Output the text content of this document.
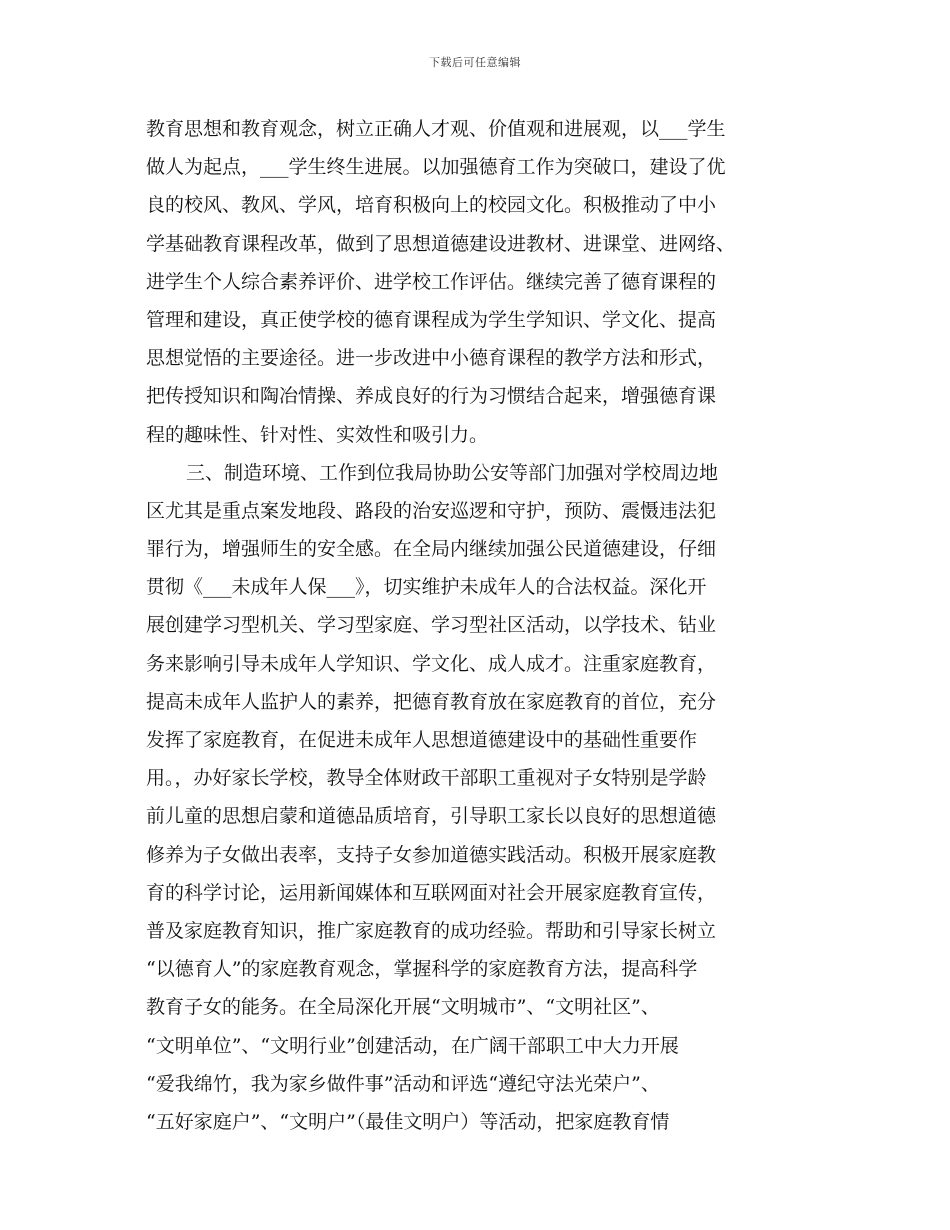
下载后可任意编辑
教育思想和教育观念，树立正确人才观、价值观和进展观，以___学生
做人为起点，___学生终生进展。以加强德育工作为突破口，建设了优
良的校风、教风、学风，培育积极向上的校园文化。积极推动了中小
学基础教育课程改革，做到了思想道德建设进教材、进课堂、进网络、
进学生个人综合素养评价、进学校工作评估。继续完善了德育课程的
管理和建设，真正使学校的德育课程成为学生学知识、学文化、提高
思想觉悟的主要途径。进一步改进中小德育课程的教学方法和形式，
把传授知识和陶冶情操、养成良好的行为习惯结合起来，增强德育课
程的趣味性、针对性、实效性和吸引力。
三、制造环境、工作到位我局协助公安等部门加强对学校周边地
区尤其是重点案发地段、路段的治安巡逻和守护，预防、震慑违法犯
罪行为，增强师生的安全感。在全局内继续加强公民道德建设，仔细
贯彻《___未成年人保___》，切实维护未成年人的合法权益。深化开
展创建学习型机关、学习型家庭、学习型社区活动，以学技术、钻业
务来影响引导未成年人学知识、学文化、成人成才。注重家庭教育，
提高未成年人监护人的素养，把德育教育放在家庭教育的首位，充分
发挥了家庭教育，在促进未成年人思想道德建设中的基础性重要作
用。，办好家长学校，教导全体财政干部职工重视对子女特别是学龄
前儿童的思想启蒙和道德品质培育，引导职工家长以良好的思想道德
修养为子女做出表率，支持子女参加道德实践活动。积极开展家庭教
育的科学讨论，运用新闻媒体和互联网面对社会开展家庭教育宣传，
普及家庭教育知识，推广家庭教育的成功经验。帮助和引导家长树立
“以德育人”的家庭教育观念，掌握科学的家庭教育方法，提高科学
教育子女的能务。在全局深化开展“文明城市”、“文明社区”、
“文明单位”、“文明行业”创建活动，在广阔干部职工中大力开展
“爱我绵竹，我为家乡做件事”活动和评选“遵纪守法光荣户”、
“五好家庭户”、“文明户”（最佳文明户）等活动，把家庭教育情
